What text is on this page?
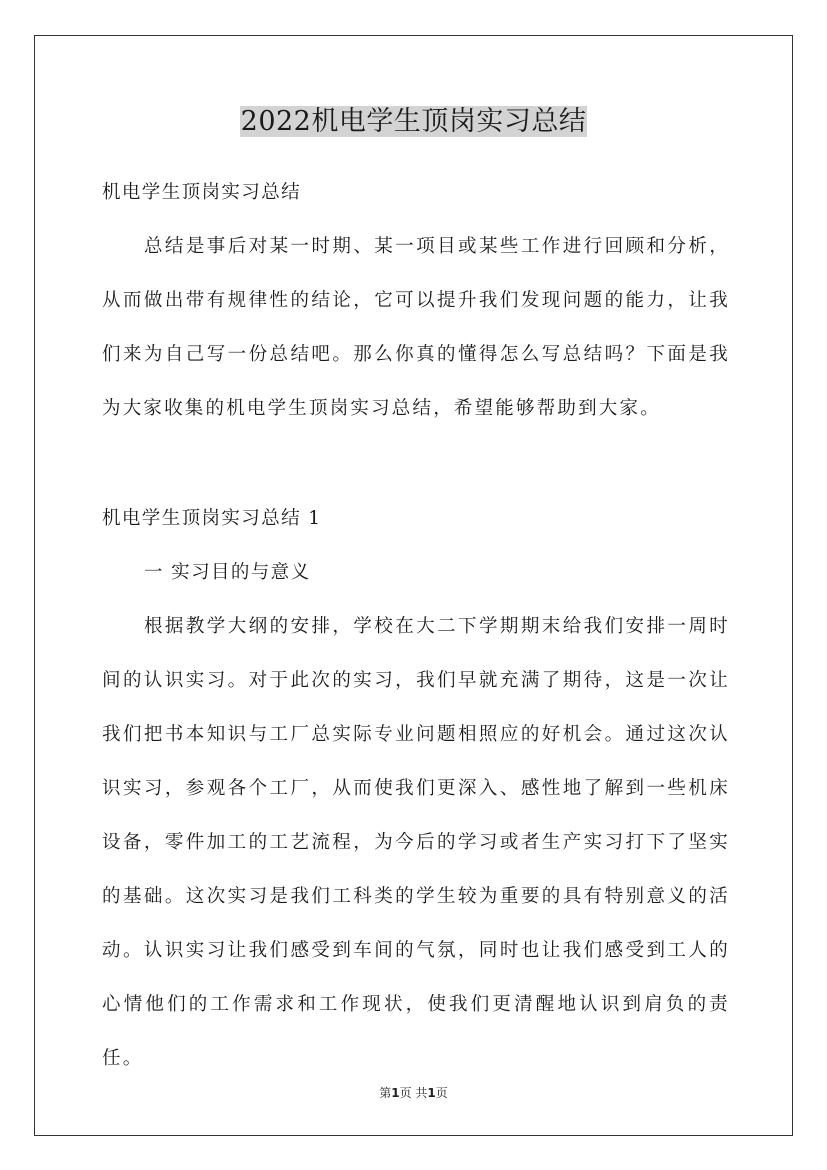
2022机电学生顶岗实习总结

机电学生顶岗实习总结

总结是事后对某一时期、某一项目或某些工作进行回顾和分析，从而做出带有规律性的结论，它可以提升我们发现问题的能力，让我们来为自己写一份总结吧。那么你真的懂得怎么写总结吗？下面是我为大家收集的机电学生顶岗实习总结，希望能够帮助到大家。

机电学生顶岗实习总结 1

一 实习目的与意义

根据教学大纲的安排，学校在大二下学期期末给我们安排一周时间的认识实习。对于此次的实习，我们早就充满了期待，这是一次让我们把书本知识与工厂总实际专业问题相照应的好机会。通过这次认识实习，参观各个工厂，从而使我们更深入、感性地了解到一些机床设备，零件加工的工艺流程，为今后的学习或者生产实习打下了坚实的基础。这次实习是我们工科类的学生较为重要的具有特别意义的活动。认识实习让我们感受到车间的气氛，同时也让我们感受到工人的心情他们的工作需求和工作现状，使我们更清醒地认识到肩负的责任。

第1页 共1页
